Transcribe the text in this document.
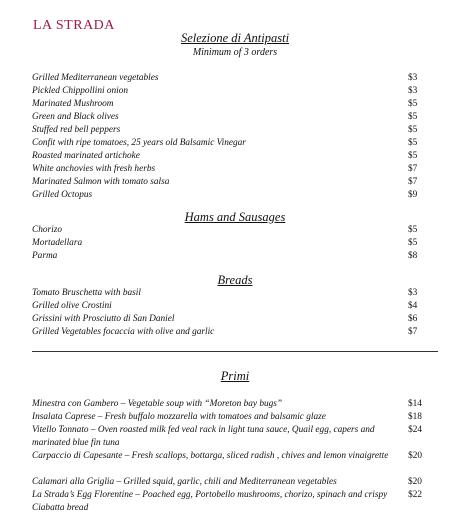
LA STRADA
Selezione di Antipasti
Minimum of 3 orders
Grilled Mediterranean vegetables	$3
Pickled Chippollini onion	$3
Marinated Mushroom	$5
Green and Black olives	$5
Stuffed red bell peppers	$5
Confit with ripe tomatoes, 25 years old Balsamic Vinegar	$5
Roasted marinated artichoke	$5
White anchovies with fresh herbs	$7
Marinated Salmon with tomato salsa	$7
Grilled Octopus	$9
Hams and Sausages
Chorizo	$5
Mortadellara	$5
Parma	$8
Breads
Tomato Bruschetta with basil	$3
Grilled olive Crostini	$4
Grissini with Prosciutto di San Daniel	$6
Grilled Vegetables focaccia with olive and garlic	$7
Primi
Minestra con Gambero – Vegetable soup with “Moreton bay bugs”	$14
Insalata Caprese – Fresh buffalo mozzarella with tomatoes and balsamic glaze	$18
Vitello Tonnato – Oven roasted milk fed veal rack in light tuna sauce, Quail egg, capers and marinated blue fin tuna
$24
Carpaccio di Capesante – Fresh scallops, bottarga, sliced radish , chives and lemon vinaigrette	$20
Calamari alla Griglia – Grilled squid, garlic, chili and Mediterranean vegetables	$20
La Strada’s Egg Florentine – Poached egg, Portobello mushrooms, chorizo, spinach and crispy Ciabatta bread
$22
